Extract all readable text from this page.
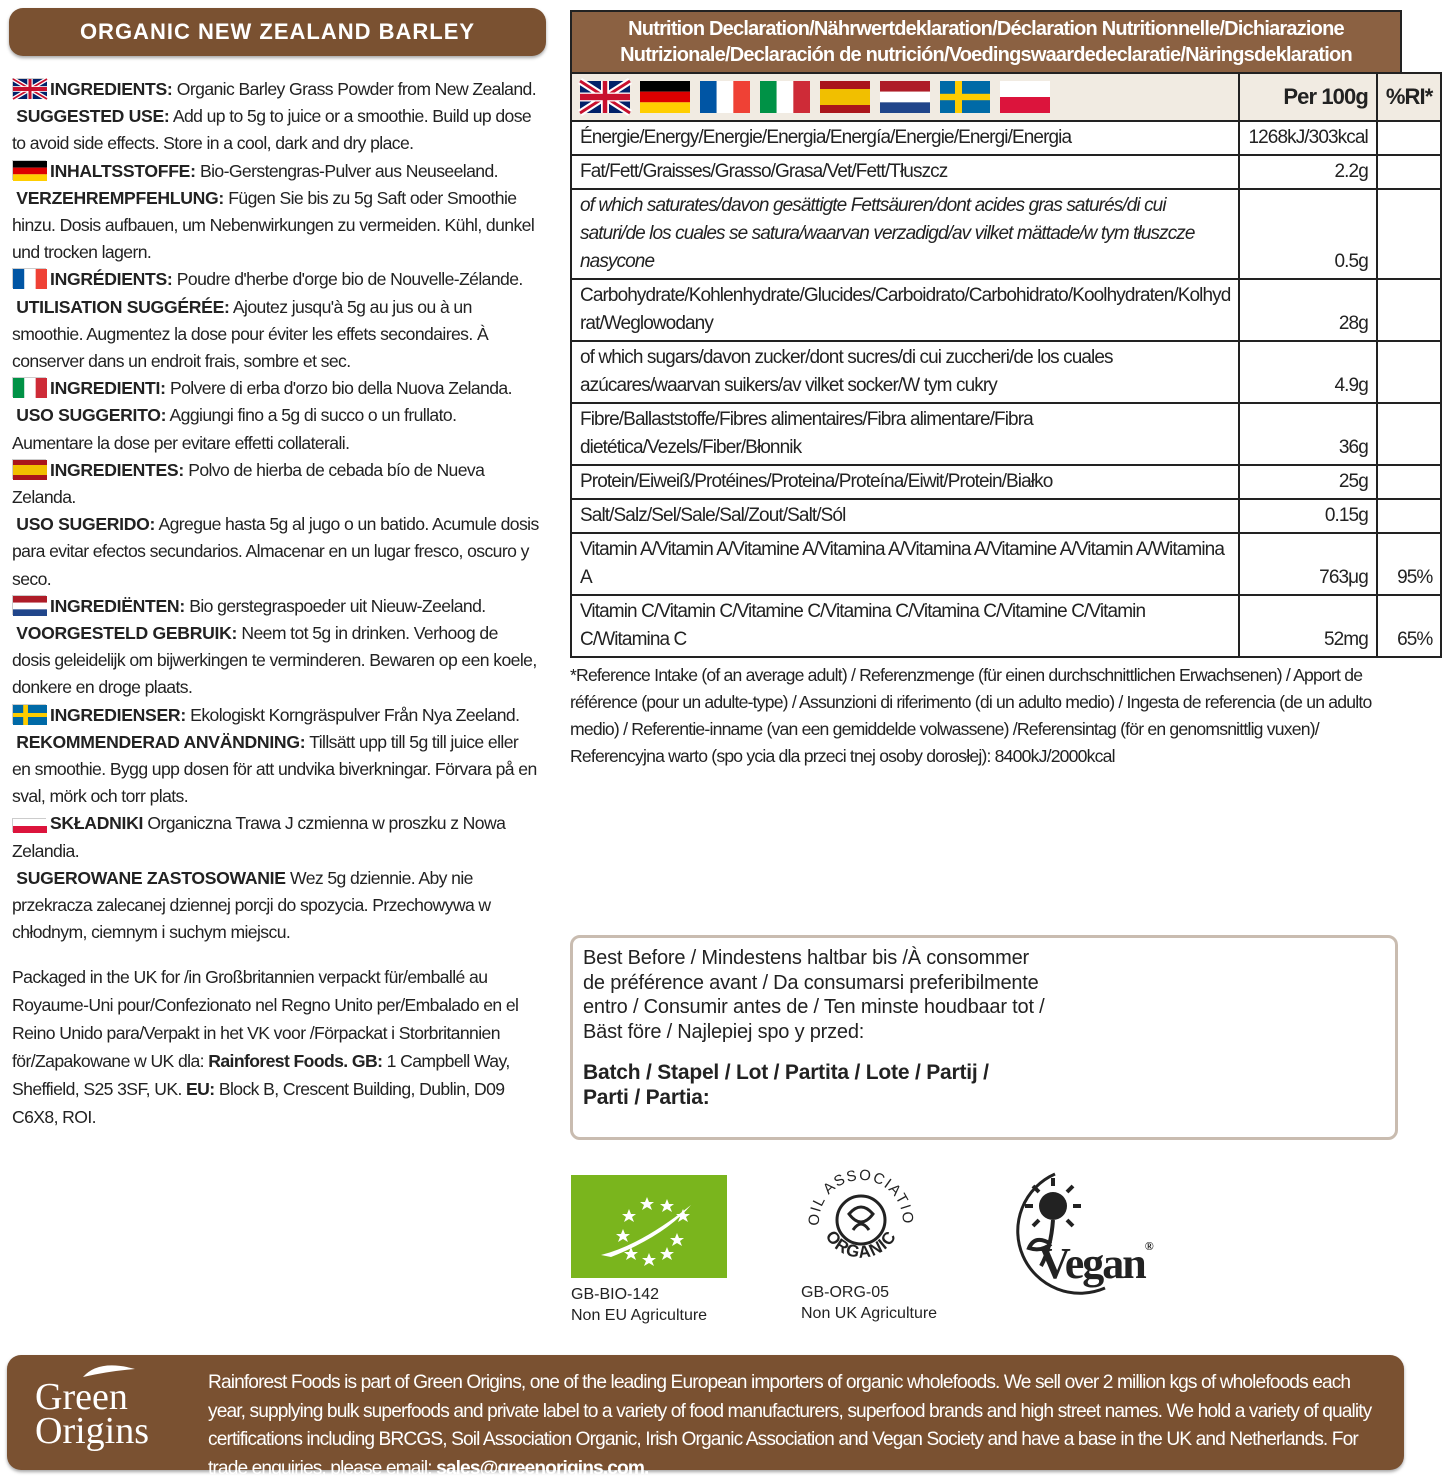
ORGANIC NEW ZEALAND BARLEY
INGREDIENTS: Organic Barley Grass Powder from New Zealand.
SUGGESTED USE: Add up to 5g to juice or a smoothie. Build up dose to avoid side effects. Store in a cool, dark and dry place.
INHALTSSTOFFE: Bio-Gerstengras-Pulver aus Neuseeland.
VERZEHREMPFEHLUNG: Fügen Sie bis zu 5g Saft oder Smoothie hinzu. Dosis aufbauen, um Nebenwirkungen zu vermeiden. Kühl, dunkel und trocken lagern.
INGRÉDIENTS: Poudre d'herbe d'orge bio de Nouvelle-Zélande.
UTILISATION SUGGÉRÉE: Ajoutez jusqu'à 5g au jus ou à un smoothie. Augmentez la dose pour éviter les effets secondaires. À conserver dans un endroit frais, sombre et sec.
INGREDIENTI: Polvere di erba d'orzo bio della Nuova Zelanda.
USO SUGGERITO: Aggiungi fino a 5g di succo o un frullato. Aumentare la dose per evitare effetti collaterali.
INGREDIENTES: Polvo de hierba de cebada bío de Nueva Zelanda.
USO SUGERIDO: Agregue hasta 5g al jugo o un batido. Acumule dosis para evitar efectos secundarios. Almacenar en un lugar fresco, oscuro y seco.
INGREDIËNTEN: Bio gerstegraspoeder uit Nieuw-Zeeland.
VOORGESTELD GEBRUIK: Neem tot 5g in drinken. Verhoog de dosis geleidelijk om bijwerkingen te verminderen. Bewaren op een koele, donkere en droge plaats.
INGREDIENSER: Ekologiskt Korngräspulver Från Nya Zeeland.
REKOMMENDERAD ANVÄNDNING: Tillsätt upp till 5g till juice eller en smoothie. Bygg upp dosen för att undvika biverkningar. Förvara på en sval, mörk och torr plats.
SKŁADNIKI Organiczna Trawa J czmienna w proszku z Nowa Zelandia.
SUGEROWANE ZASTOSOWANIE Wez 5g dziennie. Aby nie przekracza zalecanej dziennej porcji do spozycia. Przechowywa w chłodnym, ciemnym i suchym miejscu.
Packaged in the UK for /in Großbritannien verpackt für/emballé au Royaume-Uni pour/Confezionato nel Regno Unito per/Embalado en el Reino Unido para/Verpakt in het VK voor /Förpackat i Storbritannien för/Zapakowane w UK dla: Rainforest Foods. GB: 1 Campbell Way, Sheffield, S25 3SF, UK. EU: Block B, Crescent Building, Dublin, D09 C6X8, ROI.
Nutrition Declaration/Nährwertdeklaration/Déclaration Nutritionnelle/Dichiarazione Nutrizionale/Declaración de nutrición/Voedingswaardedeclaratie/Näringsdeklaration
	Per 100g	%RI*
Énergie/Energy/Energie/Energia/Energía/Energie/Energi/Energia	1268kJ/303kcal	
Fat/Fett/Graisses/Grasso/Grasa/Vet/Fett/Tłuszcz	2.2g	
of which saturates/davon gesättigte Fettsäuren/dont acides gras saturés/di cui saturi/de los cuales se satura/waarvan verzadigd/av vilket mättade/w tym tłuszcze nasycone	0.5g	
Carbohydrate/Kohlenhydrate/Glucides/Carboidrato/Carbohidrato/Koolhydraten/Kolhyd rat/Weglowodany	28g	
of which sugars/davon zucker/dont sucres/di cui zuccheri/de los cuales azúcares/waarvan suikers/av vilket socker/W tym cukry	4.9g	
Fibre/Ballaststoffe/Fibres alimentaires/Fibra alimentare/Fibra dietética/Vezels/Fiber/Błonnik	36g	
Protein/Eiweiß/Protéines/Proteina/Proteína/Eiwit/Protein/Białko	25g	
Salt/Salz/Sel/Sale/Sal/Zout/Salt/Sól	0.15g	
Vitamin A/Vitamin A/Vitamine A/Vitamina A/Vitamina A/Vitamine A/Vitamin A/Witamina A	763μg	95%
Vitamin C/Vitamin C/Vitamine C/Vitamina C/Vitamina C/Vitamine C/Vitamin C/Witamina C	52mg	65%
*Reference Intake (of an average adult) / Referenzmenge (für einen durchschnittlichen Erwachsenen) / Apport de référence (pour un adulte-type) / Assunzioni di riferimento (di un adulto medio) / Ingesta de referencia (de un adulto medio) / Referentie-inname (van een gemiddelde volwassene) /Referensintag (för en genomsnittlig vuxen)/ Referencyjna warto (spo ycia dla przeci tnej osoby dorosłej): 8400kJ/2000kcal
Best Before / Mindestens haltbar bis /À consommer de préférence avant / Da consumarsi preferibilmente entro / Consumir antes de / Ten minste houdbaar tot / Bäst före / Najlepiej spo y przed:
Batch / Stapel / Lot / Partita / Lote / Partij / Parti / Partia:
GB-BIO-142
Non EU Agriculture
OIL ASSOCIATIO
ORGANIC
GB-ORG-05
Non UK Agriculture
Vegan®
Green
Origins
Rainforest Foods is part of Green Origins, one of the leading European importers of organic wholefoods. We sell over 2 million kgs of wholefoods each year, supplying bulk superfoods and private label to a variety of food manufacturers, superfood brands and high street names. We hold a variety of quality certifications including BRCGS, Soil Association Organic, Irish Organic Association and Vegan Society and have a base in the UK and Netherlands. For trade enquiries, please email: sales@greenorigins.com.
